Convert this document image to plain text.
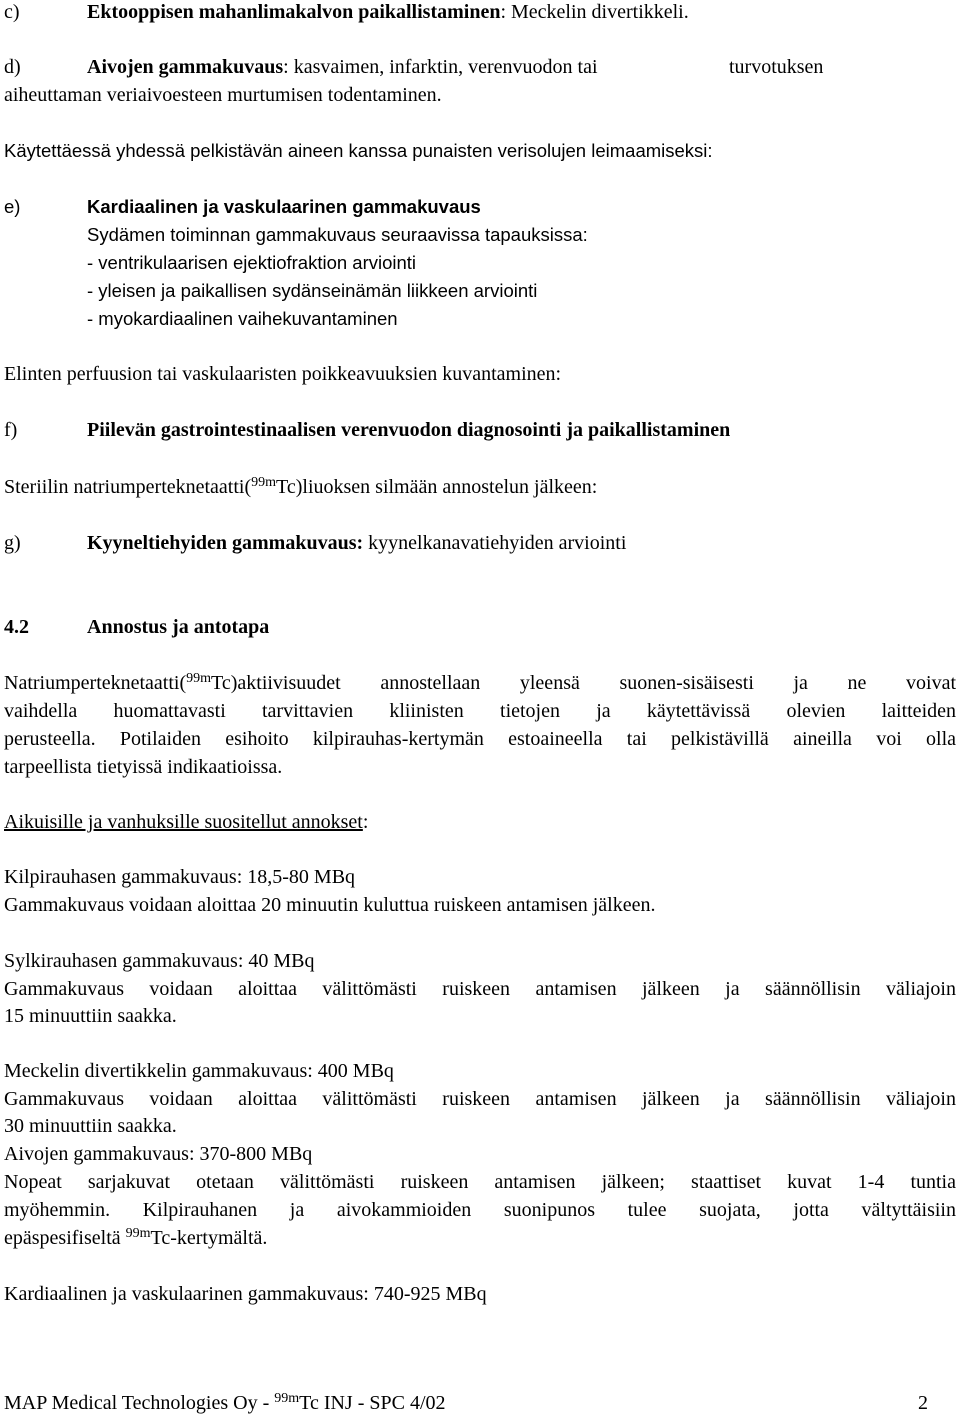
c)	Ektooppisen mahanlimakalvon paikallistaminen: Meckelin divertikkeli.
d)	Aivojen gammakuvaus: kasvaimen, infarktin, verenvuodon tai	turvotuksen
aiheuttaman veriaivoesteen murtumisen todentaminen.
Käytettäessä yhdessä pelkistävän aineen kanssa punaisten verisolujen leimaamiseksi:
e)	Kardiaalinen ja vaskulaarinen gammakuvaus
Sydämen toiminnan gammakuvaus seuraavissa tapauksissa:
- ventrikulaarisen ejektiofraktion arviointi
- yleisen ja paikallisen sydänseinämän liikkeen arviointi
- myokardiaalinen vaihekuvantaminen
Elinten perfuusion tai vaskulaaristen poikkeavuuksien kuvantaminen:
f)	Piilevän gastrointestinaalisen verenvuodon diagnosointi ja paikallistaminen
Steriilin natriumperteknetaatti($^{99m}$Tc)liuoksen silmään annostelun jälkeen:
g)	Kyyneltiehyiden gammakuvaus: kyynelkanavatiehyiden arviointi
4.2	Annostus ja antotapa
Natriumperteknetaatti($^{99m}$Tc)aktiivisuudet annostellaan yleensä suonen-sisäisesti ja ne voivat
vaihdella huomattavasti tarvittavien kliinisten tietojen ja käytettävissä olevien laitteiden
perusteella. Potilaiden esihoito kilpirauhas-kertymän estoaineella tai pelkistävillä aineilla voi olla
tarpeellista tietyissä indikaatioissa.
Aikuisille ja vanhuksille suositellut annokset:
Kilpirauhasen gammakuvaus: 18,5-80 MBq
Gammakuvaus voidaan aloittaa 20 minuutin kuluttua ruiskeen antamisen jälkeen.
Sylkirauhasen gammakuvaus: 40 MBq
Gammakuvaus voidaan aloittaa välittömästi ruiskeen antamisen jälkeen ja säännöllisin väliajoin
15 minuuttiin saakka.
Meckelin divertikkelin gammakuvaus: 400 MBq
Gammakuvaus voidaan aloittaa välittömästi ruiskeen antamisen jälkeen ja säännöllisin väliajoin
30 minuuttiin saakka.
Aivojen gammakuvaus: 370-800 MBq
Nopeat sarjakuvat otetaan välittömästi ruiskeen antamisen jälkeen; staattiset kuvat 1-4 tuntia
myöhemmin. Kilpirauhanen ja aivokammioiden suonipunos tulee suojata, jotta vältyttäisiin
epäspesifiseltä $^{99m}$Tc-kertymältä.
Kardiaalinen ja vaskulaarinen gammakuvaus: 740-925 MBq
MAP Medical Technologies Oy - $^{99m}$Tc INJ - SPC 4/02	2
